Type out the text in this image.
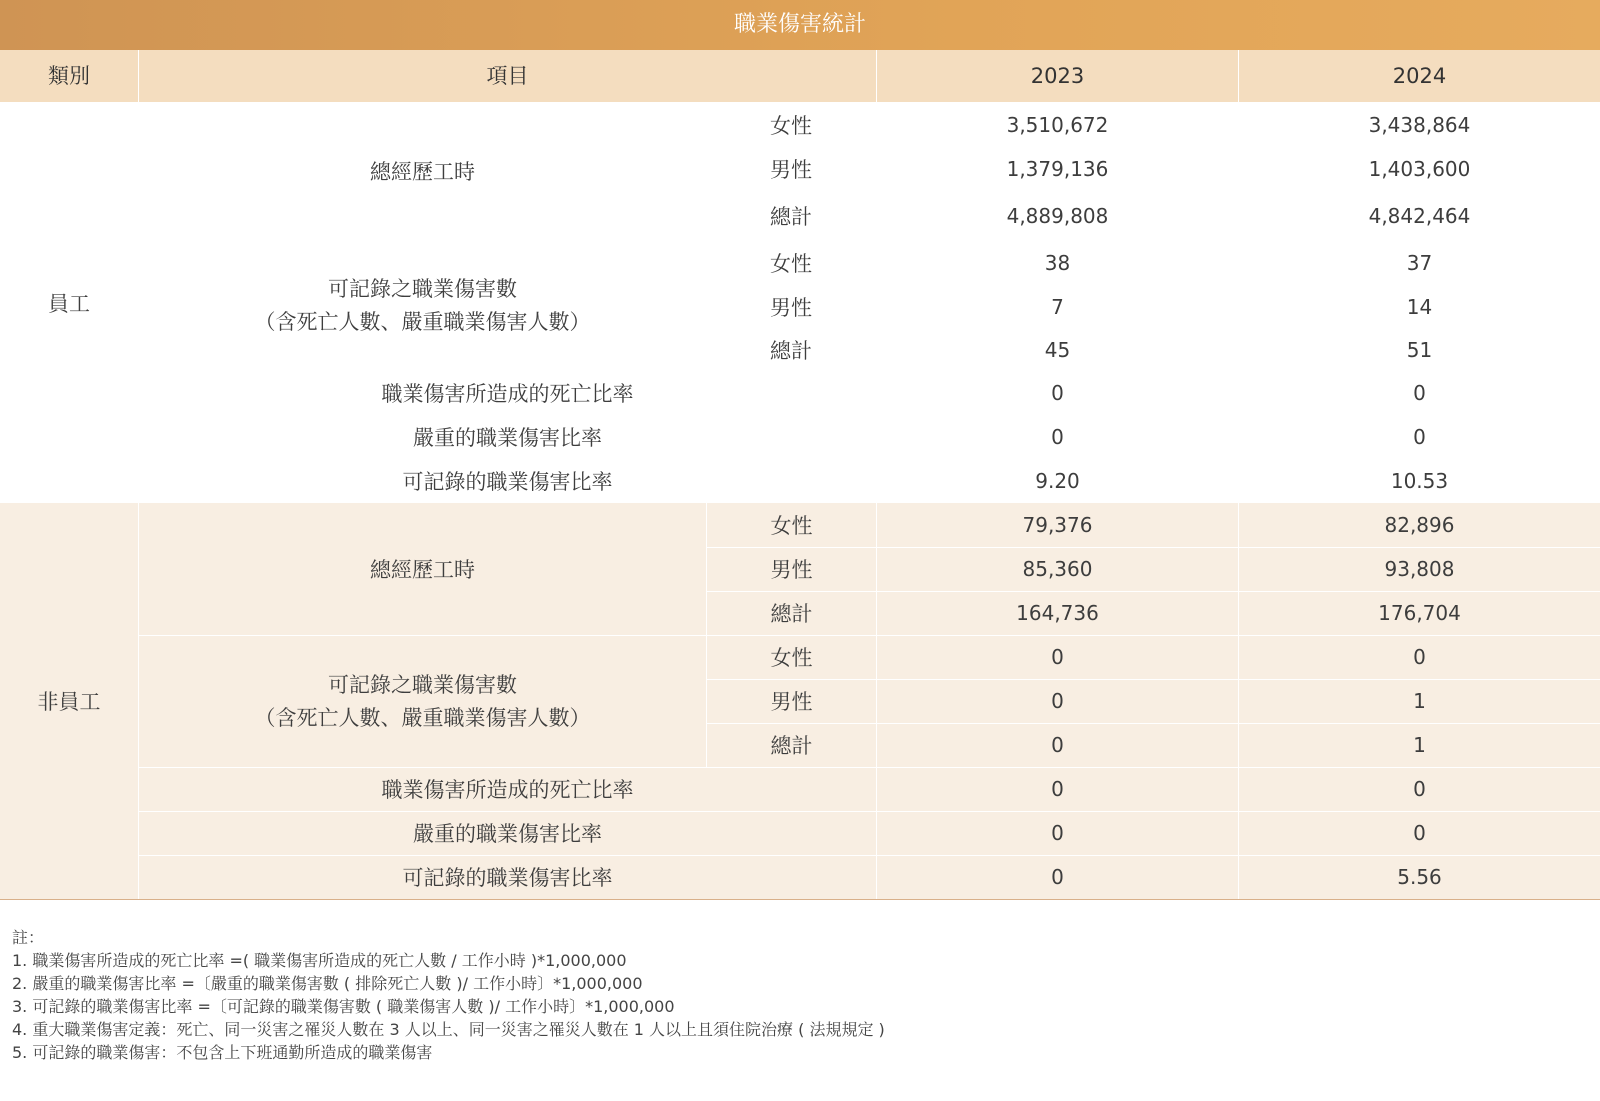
職業傷害統計
類別	項目	2023	2024
員工
總經歷工時
女性	3,510,672	3,438,864
男性	1,379,136	1,403,600
總計	4,889,808	4,842,464
可記錄之職業傷害數
（含死亡人數、嚴重職業傷害人數）
女性	38	37
男性	7	14
總計	45	51
職業傷害所造成的死亡比率	0	0
嚴重的職業傷害比率	0	0
可記錄的職業傷害比率	9.20	10.53
非員工
總經歷工時
女性	79,376	82,896
男性	85,360	93,808
總計	164,736	176,704
可記錄之職業傷害數
（含死亡人數、嚴重職業傷害人數）
女性	0	0
男性	0	1
總計	0	1
職業傷害所造成的死亡比率	0	0
嚴重的職業傷害比率	0	0
可記錄的職業傷害比率	0	5.56
註：
1. 職業傷害所造成的死亡比率 =( 職業傷害所造成的死亡人數 / 工作小時 )*1,000,000
2. 嚴重的職業傷害比率 =〔嚴重的職業傷害數 ( 排除死亡人數 )/ 工作小時〕*1,000,000
3. 可記錄的職業傷害比率 =〔可記錄的職業傷害數 ( 職業傷害人數 )/ 工作小時〕*1,000,000
4. 重大職業傷害定義：死亡、同一災害之罹災人數在 3 人以上、同一災害之罹災人數在 1 人以上且須住院治療 ( 法規規定 )
5. 可記錄的職業傷害：不包含上下班通勤所造成的職業傷害
